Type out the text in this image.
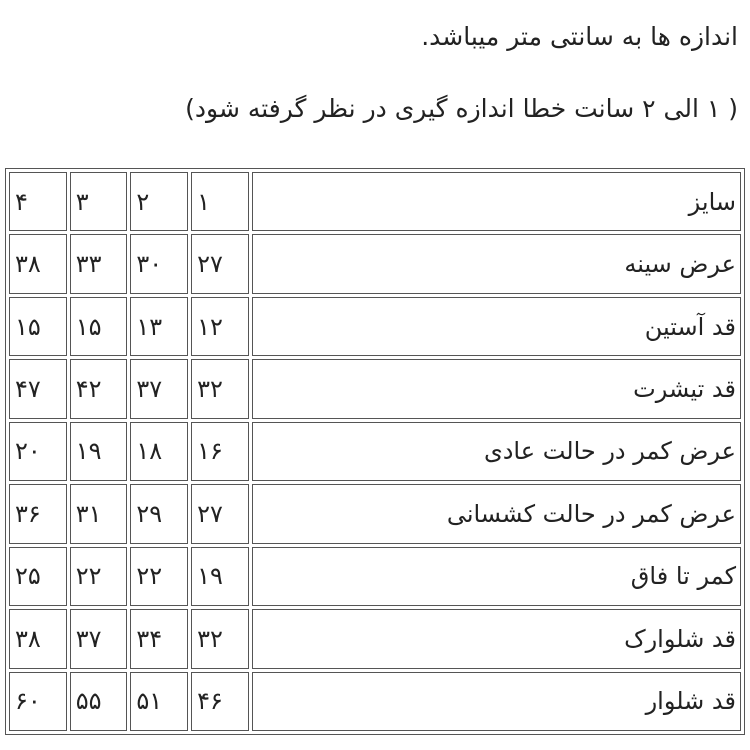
اندازه ها به سانتی متر میباشد.
( ۱ الی ۲ سانت خطا اندازه گیری در نظر گرفته شود)
سایز	۱	۲	۳	۴
عرض سینه	۲۷	۳۰	۳۳	۳۸
قد آستین	۱۲	۱۳	۱۵	۱۵
قد تیشرت	۳۲	۳۷	۴۲	۴۷
عرض کمر در حالت عادی	۱۶	۱۸	۱۹	۲۰
عرض کمر در حالت کشسانی	۲۷	۲۹	۳۱	۳۶
کمر تا فاق	۱۹	۲۲	۲۲	۲۵
قد شلوارک	۳۲	۳۴	۳۷	۳۸
قد شلوار	۴۶	۵۱	۵۵	۶۰
